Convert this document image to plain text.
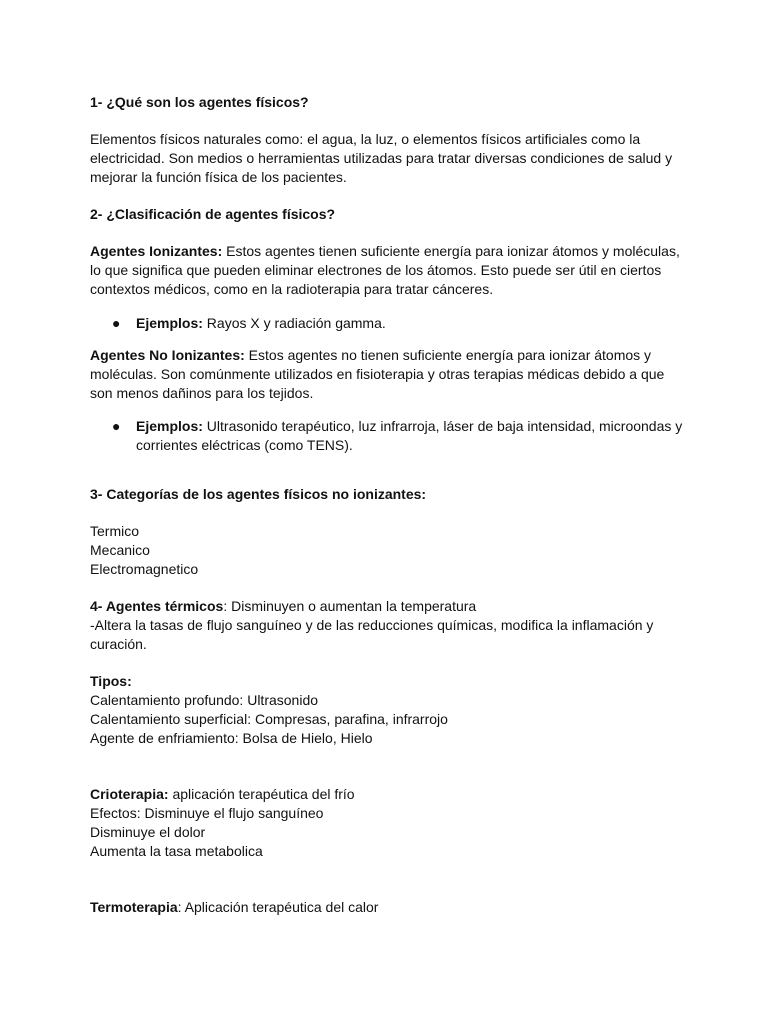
1- ¿Qué son los agentes físicos?
Elementos físicos naturales como: el agua, la luz, o elementos físicos artificiales como la
electricidad. Son medios o herramientas utilizadas para tratar diversas condiciones de salud y
mejorar la función física de los pacientes.
2- ¿Clasificación de agentes físicos?
Agentes Ionizantes: Estos agentes tienen suficiente energía para ionizar átomos y moléculas,
lo que significa que pueden eliminar electrones de los átomos. Esto puede ser útil en ciertos
contextos médicos, como en la radioterapia para tratar cánceres.
● Ejemplos: Rayos X y radiación gamma.
Agentes No Ionizantes: Estos agentes no tienen suficiente energía para ionizar átomos y
moléculas. Son comúnmente utilizados en fisioterapia y otras terapias médicas debido a que
son menos dañinos para los tejidos.
● Ejemplos: Ultrasonido terapéutico, luz infrarroja, láser de baja intensidad, microondas y
corrientes eléctricas (como TENS).
3- Categorías de los agentes físicos no ionizantes:
Termico
Mecanico
Electromagnetico
4- Agentes térmicos: Disminuyen o aumentan la temperatura
-Altera la tasas de flujo sanguíneo y de las reducciones químicas, modifica la inflamación y
curación.
Tipos:
Calentamiento profundo: Ultrasonido
Calentamiento superficial: Compresas, parafina, infrarrojo
Agente de enfriamiento: Bolsa de Hielo, Hielo
Crioterapia: aplicación terapéutica del frío
Efectos: Disminuye el flujo sanguíneo
Disminuye el dolor
Aumenta la tasa metabolica
Termoterapia: Aplicación terapéutica del calor
